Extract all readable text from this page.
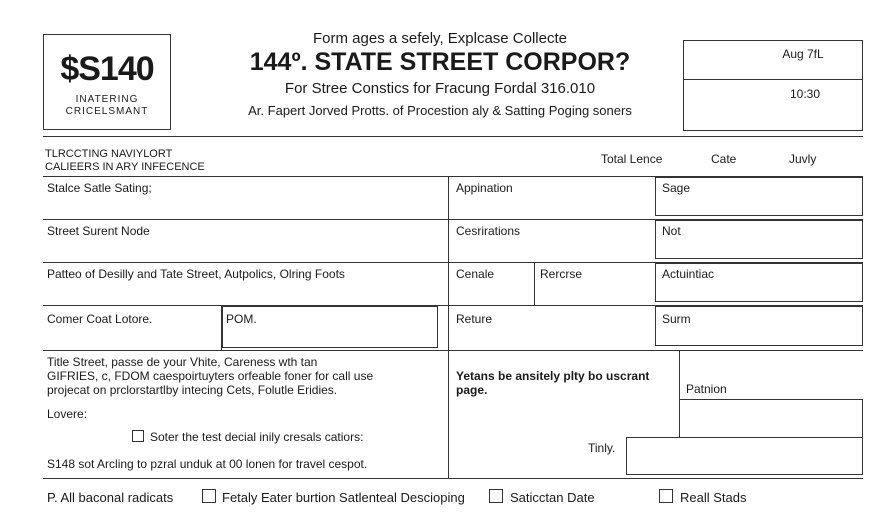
$S140
INATERING
CRICELSMANT
Form ages a sefely, Explcase Collecte
144º. STATE STREET CORPOR?
For Stree Constics for Fracung Fordal 316.010
Ar. Fapert Jorved Protts. of Procestion aly & Satting Poging soners
Aug 7fL
10:30
TLRCCTING NAVIYLORT
CALIEERS IN ARY INFECENCE
Total Lence	Cate	Juvly
Stalce Satle Sating;	Appination	Sage
Street Surent Node	Cesrirations	Not
Patteo of Desilly and Tate Street, Autpolics, Olring Foots	Cenale	Rercrse	Actuintiac
Comer Coat Lotore.	POM.	Reture	Surm
Title Street, passe de your Vhite, Careness wth tan
GIFRIES, c, FDOM caespoirtuyters orfeable foner for call use
projecat on prclorstartlby intecing Cets, Folutle Eridies.
Lovere:
Soter the test decial inily cresals catiors:
S148 sot Arcling to pzral unduk at 00 lonen for travel cespot.
Yetans be ansitely plty bo uscrant
page.	Patnion
Tinly.
P. All baconal radicats	Fetaly Eater burtion Satlenteal Descioping	Saticctan Date	Reall Stads
